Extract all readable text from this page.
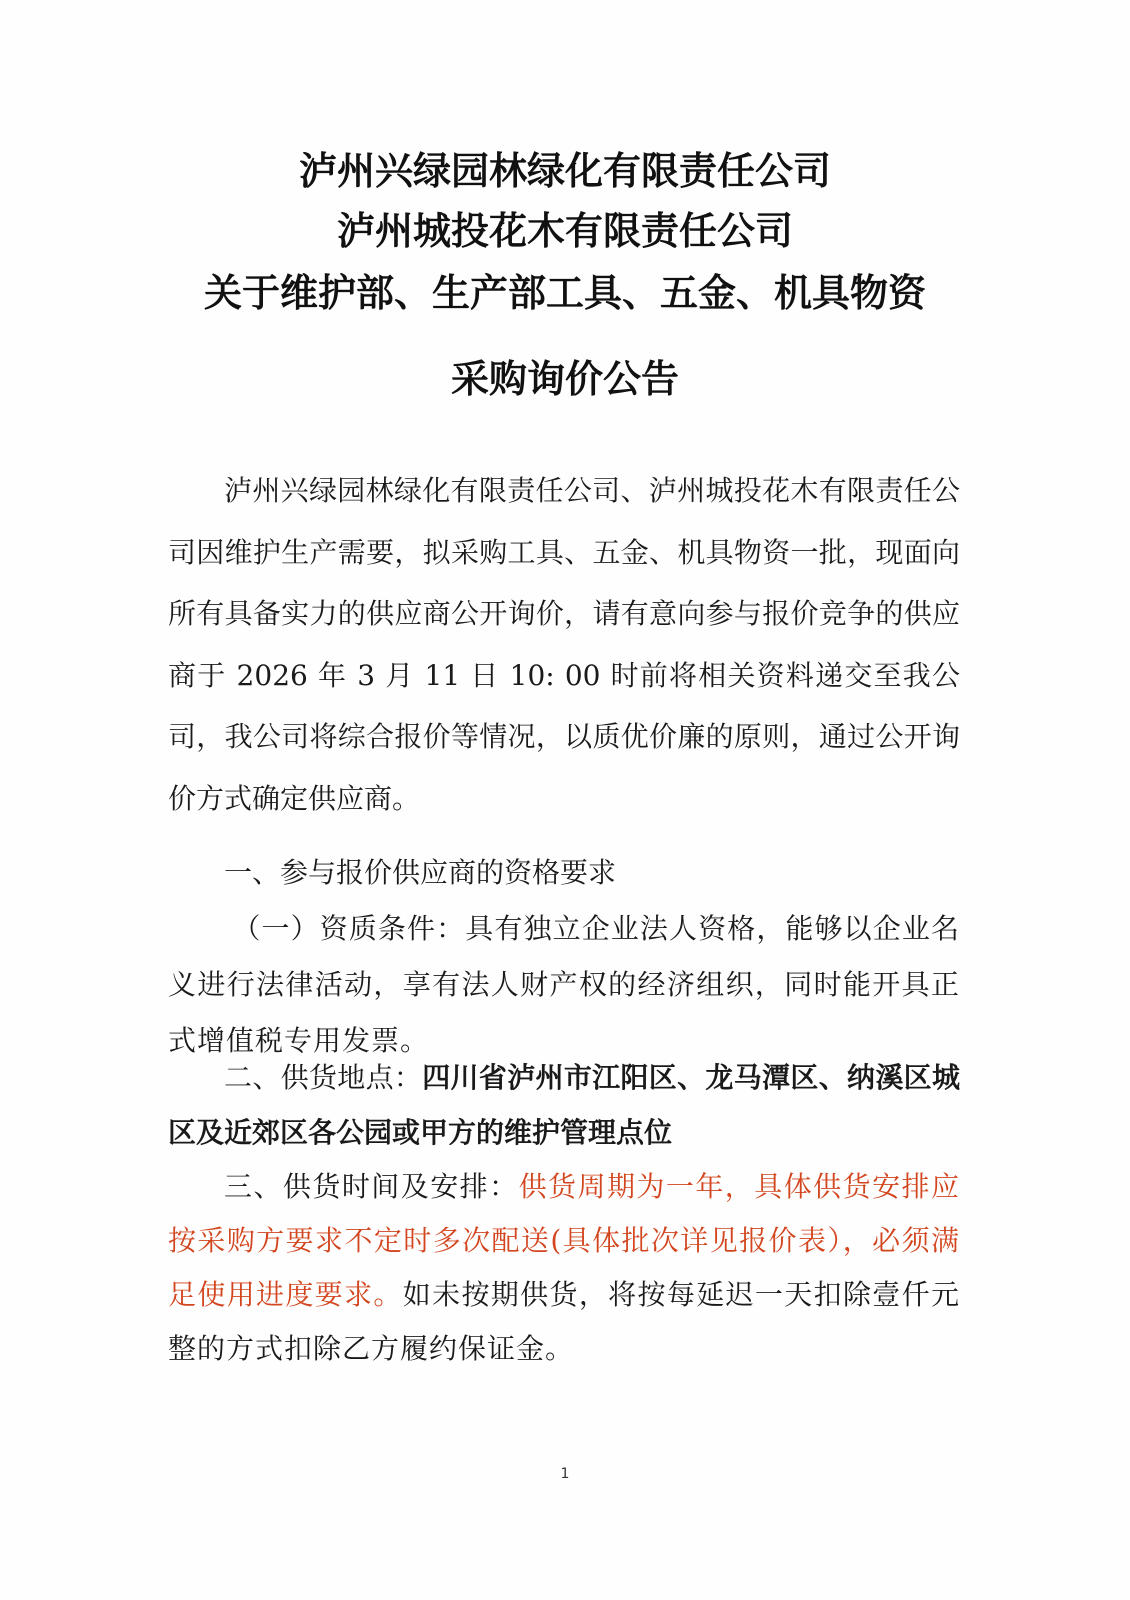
泸州兴绿园林绿化有限责任公司
泸州城投花木有限责任公司
关于维护部、生产部工具、五金、机具物资
采购询价公告

泸州兴绿园林绿化有限责任公司、泸州城投花木有限责任公司因维护生产需要，拟采购工具、五金、机具物资一批，现面向所有具备实力的供应商公开询价，请有意向参与报价竞争的供应商于 2026 年 3 月 11 日 10: 00 时前将相关资料递交至我公司，我公司将综合报价等情况，以质优价廉的原则，通过公开询价方式确定供应商。

一、参与报价供应商的资格要求

（一）资质条件：具有独立企业法人资格，能够以企业名义进行法律活动，享有法人财产权的经济组织，同时能开具正式增值税专用发票。

二、供货地点：四川省泸州市江阳区、龙马潭区、纳溪区城区及近郊区各公园或甲方的维护管理点位

三、供货时间及安排：供货周期为一年，具体供货安排应按采购方要求不定时多次配送(具体批次详见报价表），必须满足使用进度要求。如未按期供货，将按每延迟一天扣除壹仟元整的方式扣除乙方履约保证金。

1
